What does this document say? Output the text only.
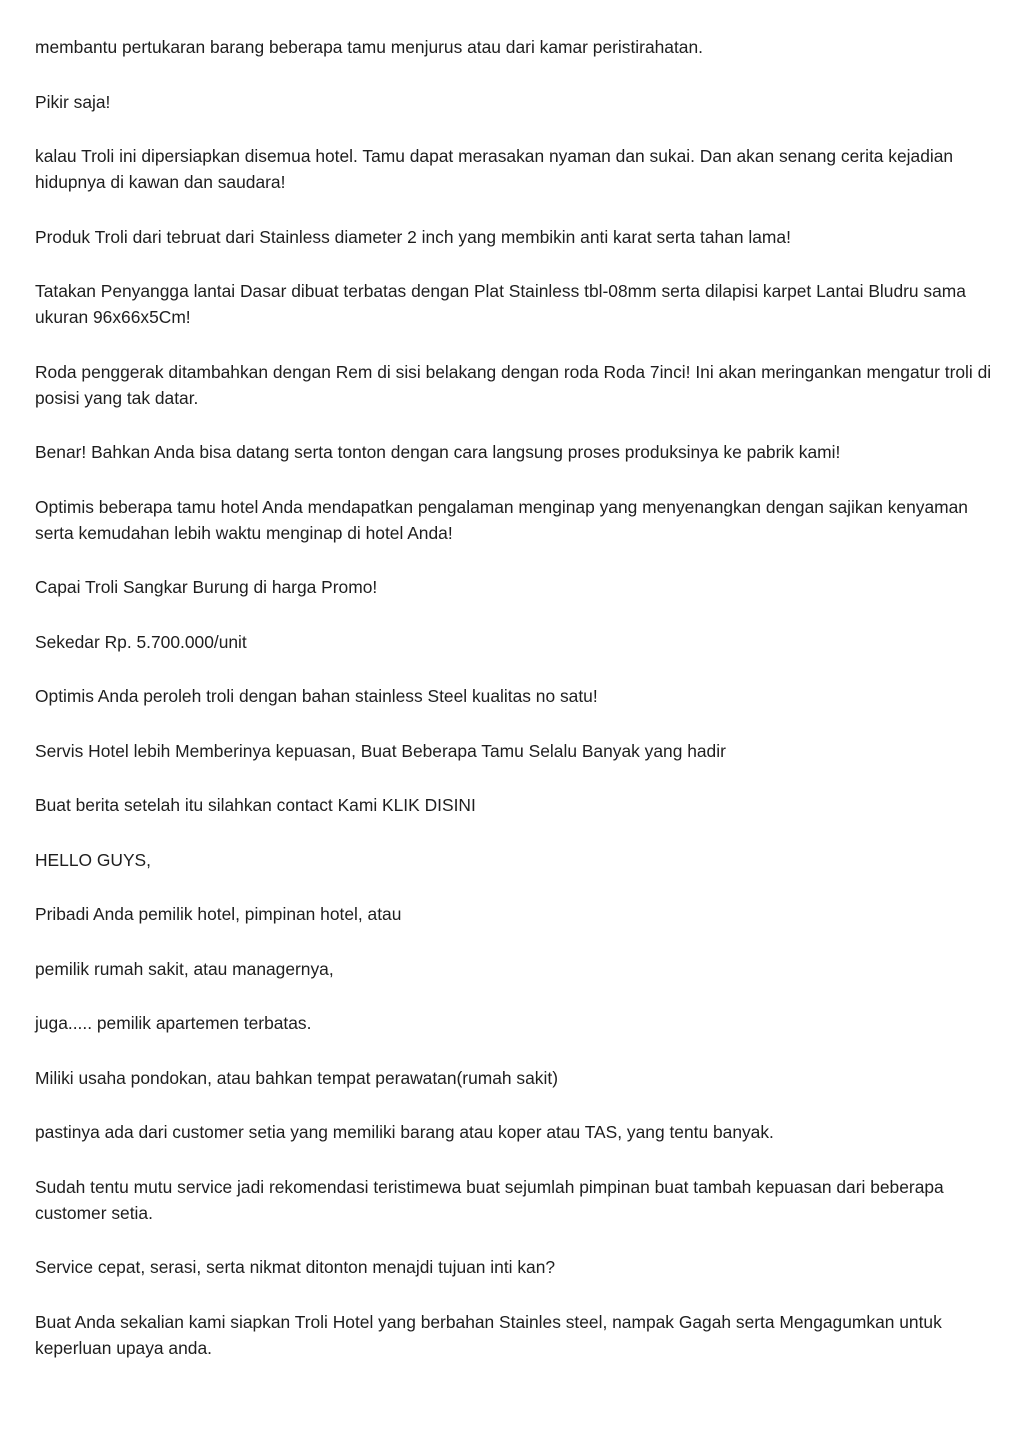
membantu pertukaran barang beberapa tamu menjurus atau dari kamar peristirahatan.

Pikir saja!

kalau Troli ini dipersiapkan disemua hotel. Tamu dapat merasakan nyaman dan sukai. Dan akan senang cerita kejadian hidupnya di kawan dan saudara!

Produk Troli dari tebruat dari Stainless diameter 2 inch yang membikin anti karat serta tahan lama!

Tatakan Penyangga lantai Dasar dibuat terbatas dengan Plat Stainless tbl-08mm serta dilapisi karpet Lantai Bludru sama ukuran 96x66x5Cm!

Roda penggerak ditambahkan dengan Rem di sisi belakang dengan roda Roda 7inci! Ini akan meringankan mengatur troli di posisi yang tak datar.

Benar! Bahkan Anda bisa datang serta tonton dengan cara langsung proses produksinya ke pabrik kami!

Optimis beberapa tamu hotel Anda mendapatkan pengalaman menginap yang menyenangkan dengan sajikan kenyaman serta kemudahan lebih waktu menginap di hotel Anda!

Capai Troli Sangkar Burung di harga Promo!

Sekedar Rp. 5.700.000/unit

Optimis Anda peroleh troli dengan bahan stainless Steel kualitas no satu!

Servis Hotel lebih Memberinya kepuasan, Buat Beberapa Tamu Selalu Banyak yang hadir

Buat berita setelah itu silahkan contact Kami KLIK DISINI

HELLO GUYS,

Pribadi Anda pemilik hotel, pimpinan hotel, atau

pemilik rumah sakit, atau managernya,

juga..... pemilik apartemen terbatas.

Miliki usaha pondokan, atau bahkan tempat perawatan(rumah sakit)

pastinya ada dari customer setia yang memiliki barang atau koper atau TAS, yang tentu banyak.

Sudah tentu mutu service jadi rekomendasi teristimewa buat sejumlah pimpinan buat tambah kepuasan dari beberapa customer setia.

Service cepat, serasi, serta nikmat ditonton menajdi tujuan inti kan?

Buat Anda sekalian kami siapkan Troli Hotel yang berbahan Stainles steel, nampak Gagah serta Mengagumkan untuk keperluan upaya anda.
